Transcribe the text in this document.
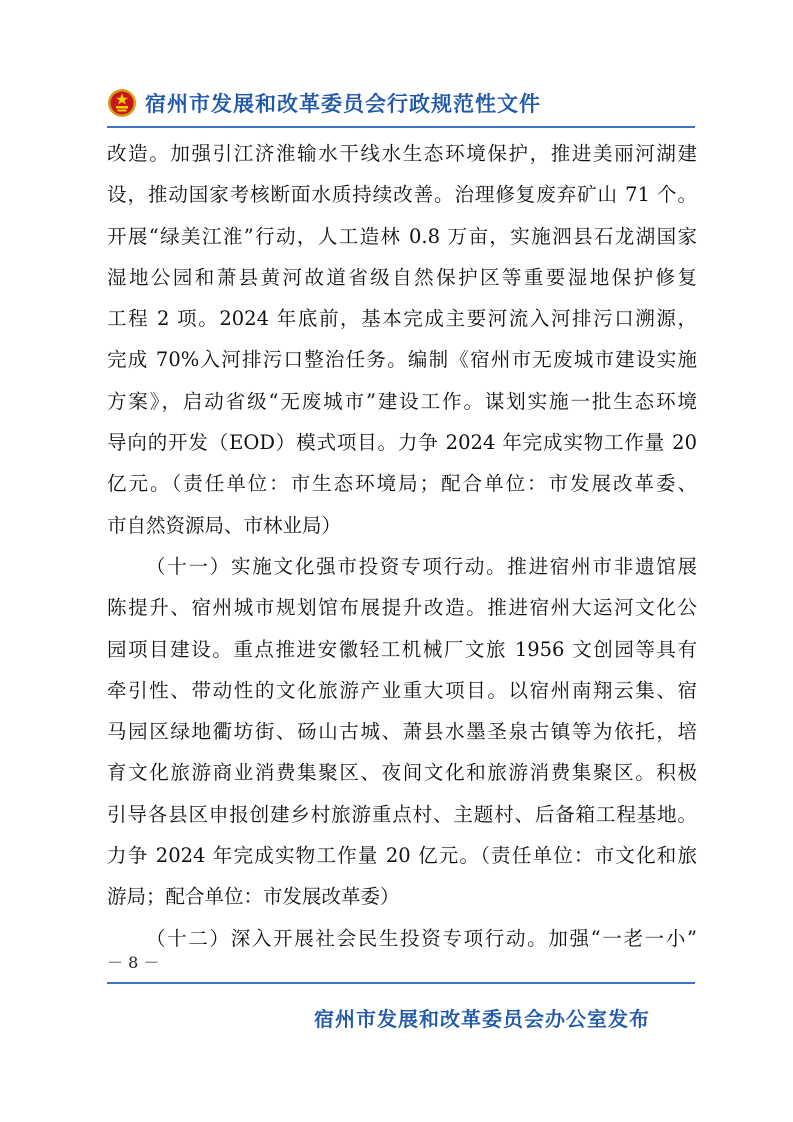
宿州市发展和改革委员会行政规范性文件
改造。加强引江济淮输水干线水生态环境保护，推进美丽河湖建
设，推动国家考核断面水质持续改善。治理修复废弃矿山 71 个。
开展“绿美江淮”行动，人工造林 0.8 万亩，实施泗县石龙湖国家
湿地公园和萧县黄河故道省级自然保护区等重要湿地保护修复
工程 2 项。2024 年底前，基本完成主要河流入河排污口溯源，
完成 70%入河排污口整治任务。编制《宿州市无废城市建设实施
方案》，启动省级“无废城市”建设工作。谋划实施一批生态环境
导向的开发（EOD）模式项目。力争 2024 年完成实物工作量 20
亿元。（责任单位：市生态环境局；配合单位：市发展改革委、
市自然资源局、市林业局）
（十一）实施文化强市投资专项行动。推进宿州市非遗馆展
陈提升、宿州城市规划馆布展提升改造。推进宿州大运河文化公
园项目建设。重点推进安徽轻工机械厂文旅 1956 文创园等具有
牵引性、带动性的文化旅游产业重大项目。以宿州南翔云集、宿
马园区绿地衢坊街、砀山古城、萧县水墨圣泉古镇等为依托，培
育文化旅游商业消费集聚区、夜间文化和旅游消费集聚区。积极
引导各县区申报创建乡村旅游重点村、主题村、后备箱工程基地。
力争 2024 年完成实物工作量 20 亿元。（责任单位：市文化和旅
游局；配合单位：市发展改革委）
（十二）深入开展社会民生投资专项行动。加强“一老一小”
－ 8 －
宿州市发展和改革委员会办公室发布
